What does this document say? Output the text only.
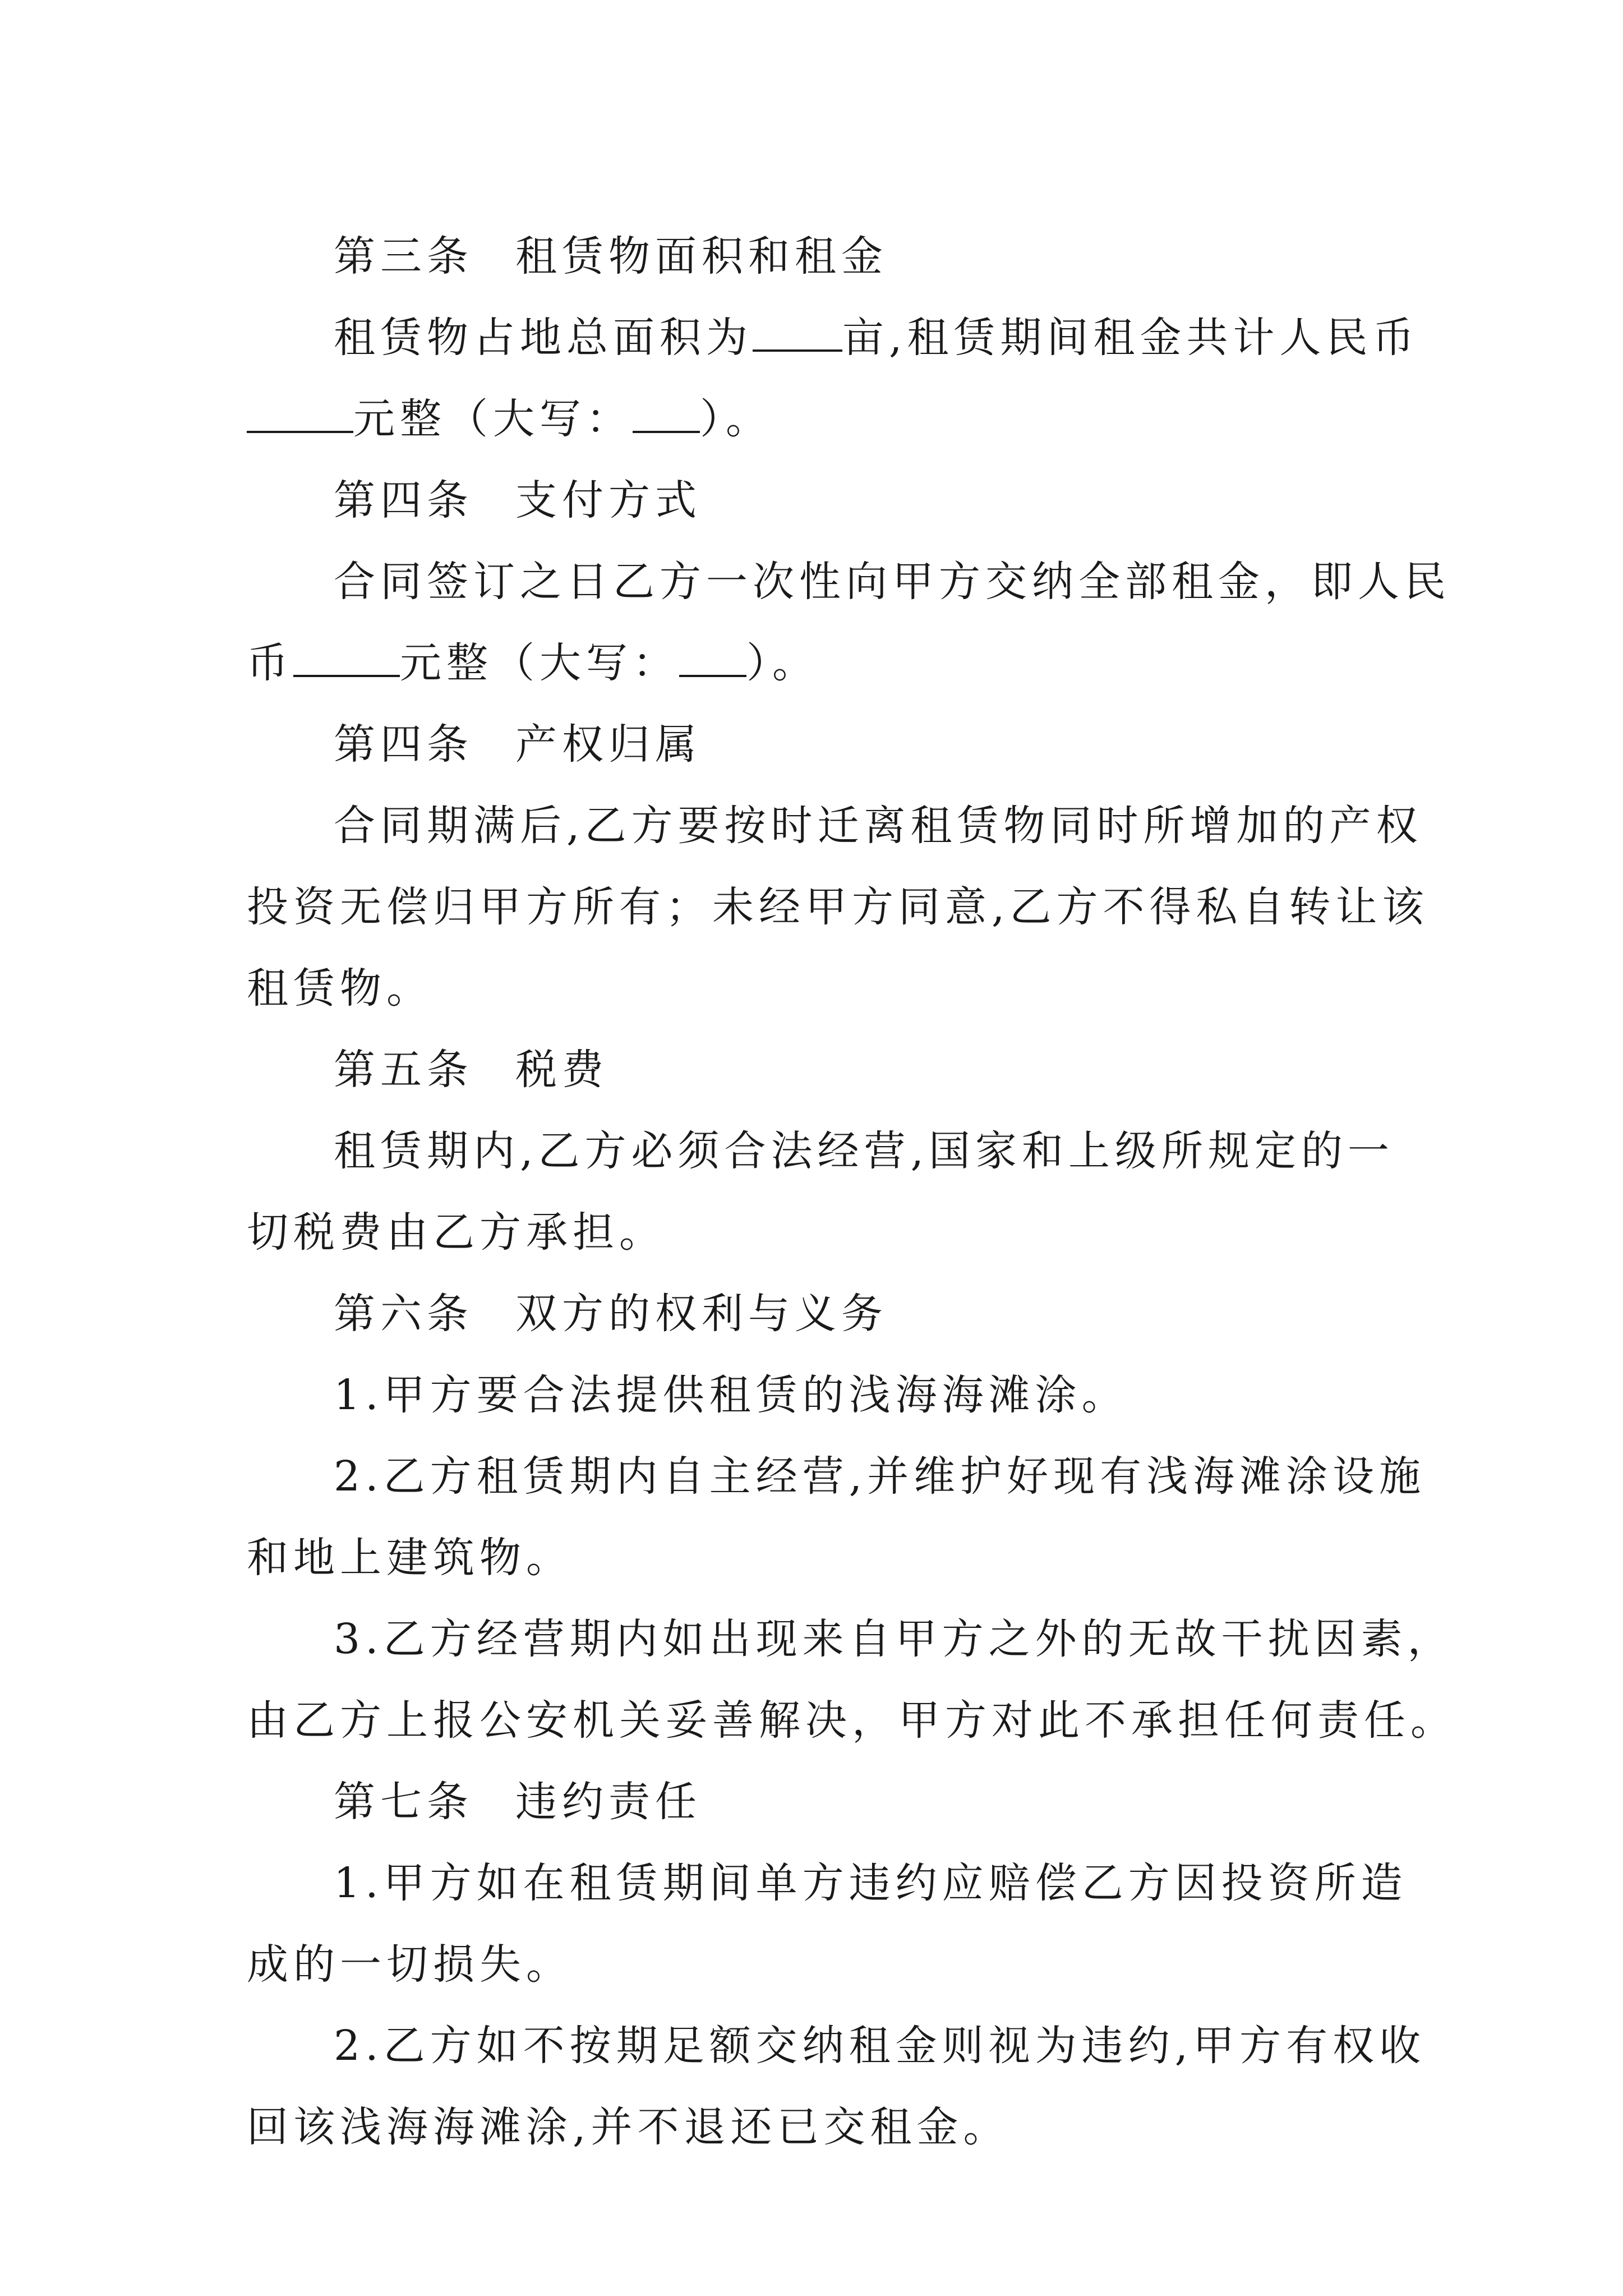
第三条 租赁物面积和租金
租赁物占地总面积为 亩,租赁期间租金共计人民币
元整（大写： ）。
第四条 支付方式
合同签订之日乙方一次性向甲方交纳全部租金，即人民
币	元整（大写： ）。
第四条 产权归属
合同期满后,乙方要按时迁离租赁物同时所增加的产权
投资无偿归甲方所有；未经甲方同意,乙方不得私自转让该
租赁物。
第五条 税费
租赁期内,乙方必须合法经营,国家和上级所规定的一
切税费由乙方承担。
第六条 双方的权利与义务
1.甲方要合法提供租赁的浅海海滩涂。
2.乙方租赁期内自主经营,并维护好现有浅海滩涂设施
和地上建筑物。
3.乙方经营期内如出现来自甲方之外的无故干扰因素，
由乙方上报公安机关妥善解决，甲方对此不承担任何责任。
第七条 违约责任
1.甲方如在租赁期间单方违约应赔偿乙方因投资所造
成的一切损失。
2.乙方如不按期足额交纳租金则视为违约,甲方有权收
回该浅海海滩涂,并不退还已交租金。
